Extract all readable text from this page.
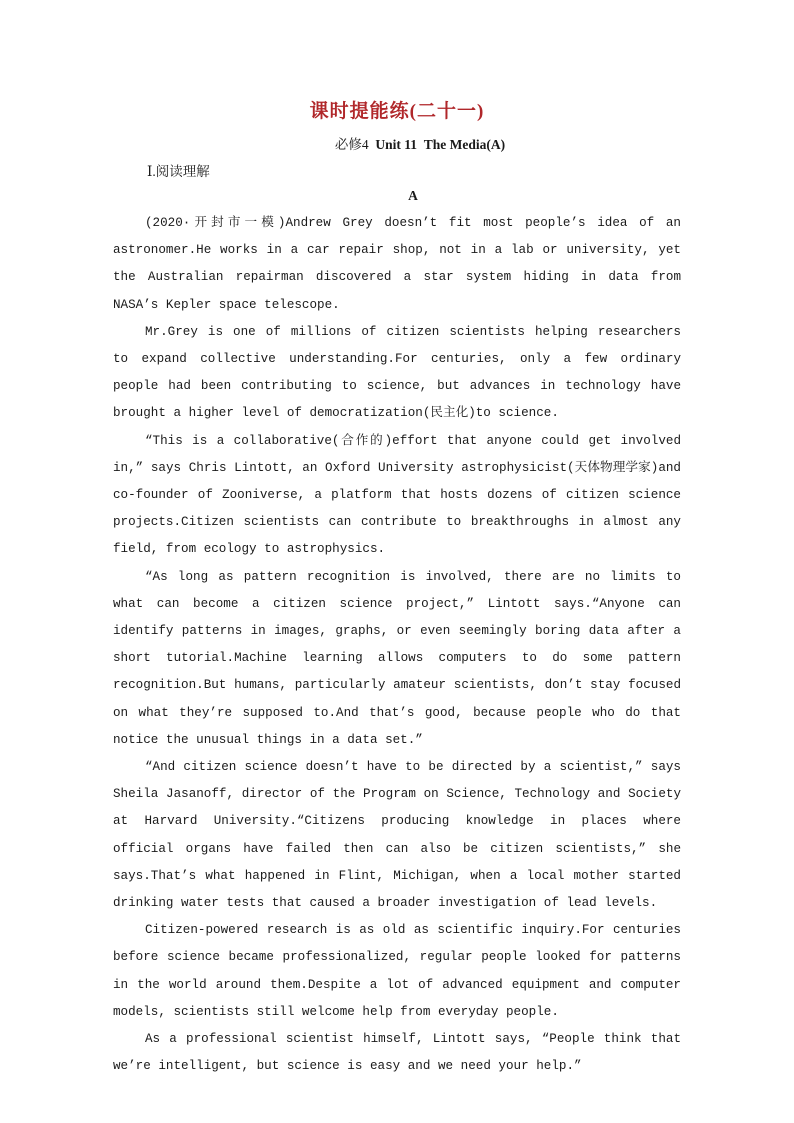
课时提能练(二十一)
必修4 Unit 11 The Media(A)
Ⅰ.阅读理解
A

(2020·开封市一模)Andrew Grey doesn’t fit most people’s idea of an astronomer.He works in a car repair shop, not in a lab or university, yet the Australian repairman discovered a star system hiding in data from NASA’s Kepler space telescope.

Mr.Grey is one of millions of citizen scientists helping researchers to expand collective understanding.For centuries, only a few ordinary people had been contributing to science, but advances in technology have brought a higher level of democratization(民主化)to science.

“This is a collaborative(合作的)effort that anyone could get involved in,” says Chris Lintott, an Oxford University astrophysicist(天体物理学家)and co-founder of Zooniverse, a platform that hosts dozens of citizen science projects.Citizen scientists can contribute to breakthroughs in almost any field, from ecology to astrophysics.

“As long as pattern recognition is involved, there are no limits to what can become a citizen science project,” Lintott says.“Anyone can identify patterns in images, graphs, or even seemingly boring data after a short tutorial.Machine learning allows computers to do some pattern recognition.But humans, particularly amateur scientists, don’t stay focused on what they’re supposed to.And that’s good, because people who do that notice the unusual things in a data set.”

“And citizen science doesn’t have to be directed by a scientist,” says Sheila Jasanoff, director of the Program on Science, Technology and Society at Harvard University.“Citizens producing knowledge in places where official organs have failed then can also be citizen scientists,” she says.That’s what happened in Flint, Michigan, when a local mother started drinking water tests that caused a broader investigation of lead levels.

Citizen-powered research is as old as scientific inquiry.For centuries before science became professionalized, regular people looked for patterns in the world around them.Despite a lot of advanced equipment and computer models, scientists still welcome help from everyday people.

As a professional scientist himself, Lintott says, “People think that we’re intelligent, but science is easy and we need your help.”
